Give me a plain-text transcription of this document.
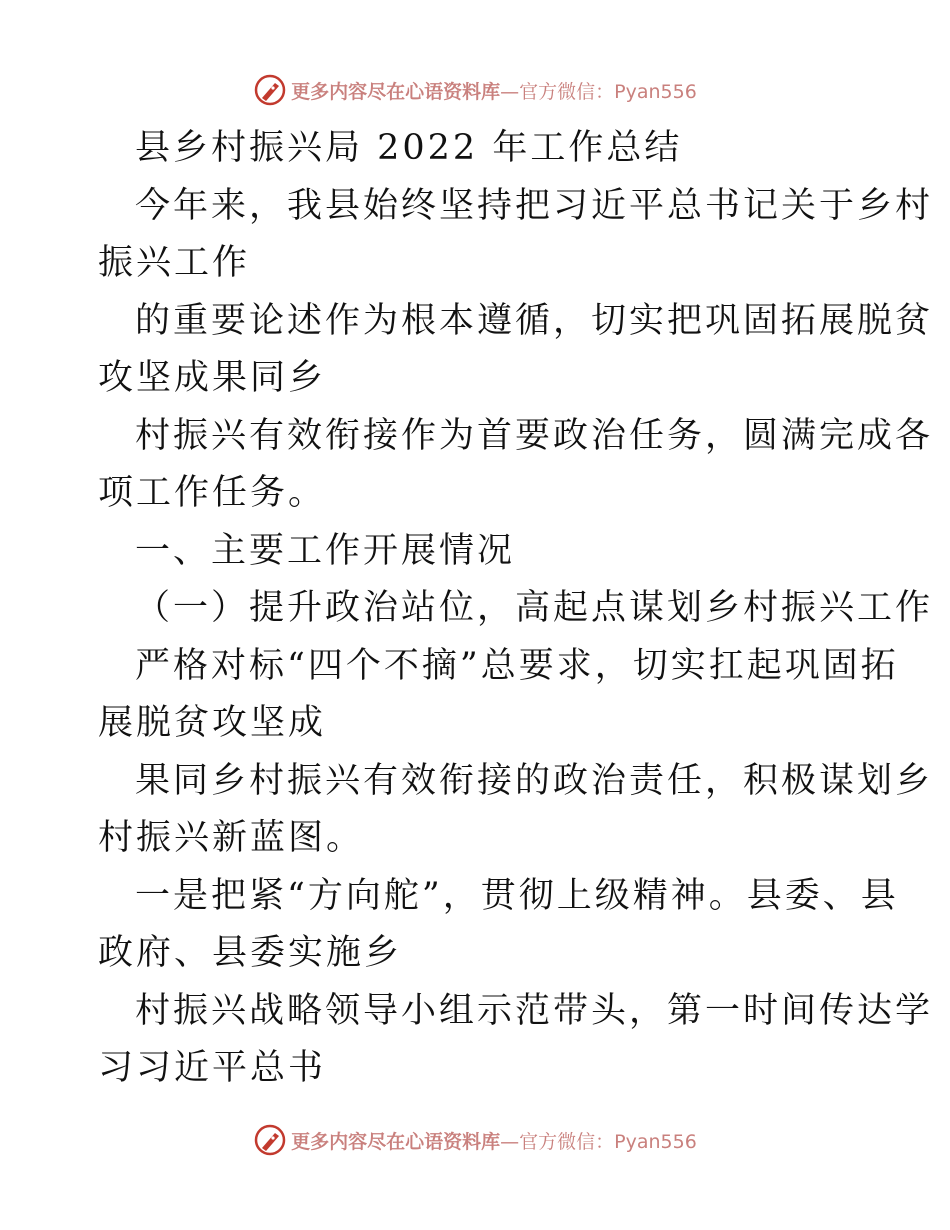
更多内容尽在心语资料库 —官方微信：Pyan556
县乡村振兴局 2022 年工作总结
今年来，我县始终坚持把习近平总书记关于乡村
振兴工作
的重要论述作为根本遵循，切实把巩固拓展脱贫
攻坚成果同乡
村振兴有效衔接作为首要政治任务，圆满完成各
项工作任务。
一、主要工作开展情况
（一）提升政治站位，高起点谋划乡村振兴工作
严格对标“四个不摘”总要求，切实扛起巩固拓
展脱贫攻坚成
果同乡村振兴有效衔接的政治责任，积极谋划乡
村振兴新蓝图。
一是把紧“方向舵”，贯彻上级精神。县委、县
政府、县委实施乡
村振兴战略领导小组示范带头，第一时间传达学
习习近平总书
更多内容尽在心语资料库 —官方微信：Pyan556
